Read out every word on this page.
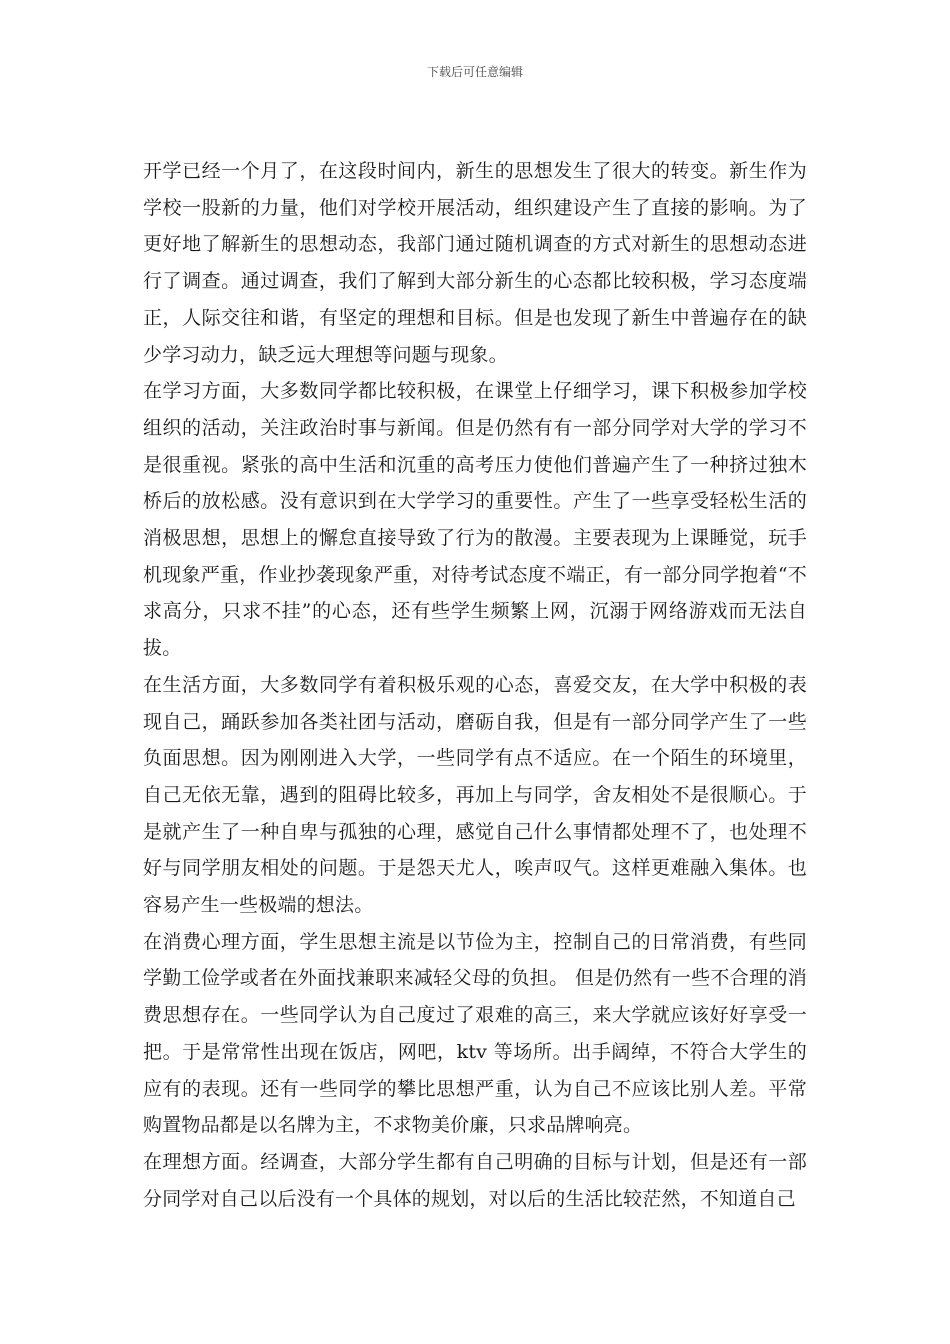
下载后可任意编辑

开学已经一个月了，在这段时间内，新生的思想发生了很大的转变。新生作为学校一股新的力量，他们对学校开展活动，组织建设产生了直接的影响。为了更好地了解新生的思想动态，我部门通过随机调查的方式对新生的思想动态进行了调查。通过调查，我们了解到大部分新生的心态都比较积极，学习态度端正，人际交往和谐，有坚定的理想和目标。但是也发现了新生中普遍存在的缺少学习动力，缺乏远大理想等问题与现象。

在学习方面，大多数同学都比较积极，在课堂上仔细学习，课下积极参加学校组织的活动，关注政治时事与新闻。但是仍然有有一部分同学对大学的学习不是很重视。紧张的高中生活和沉重的高考压力使他们普遍产生了一种挤过独木桥后的放松感。没有意识到在大学学习的重要性。产生了一些享受轻松生活的消极思想，思想上的懈怠直接导致了行为的散漫。主要表现为上课睡觉，玩手机现象严重，作业抄袭现象严重，对待考试态度不端正，有一部分同学抱着“不求高分，只求不挂”的心态，还有些学生频繁上网，沉溺于网络游戏而无法自拔。

在生活方面，大多数同学有着积极乐观的心态，喜爱交友，在大学中积极的表现自己，踊跃参加各类社团与活动，磨砺自我，但是有一部分同学产生了一些负面思想。因为刚刚进入大学，一些同学有点不适应。在一个陌生的环境里，自己无依无靠，遇到的阻碍比较多，再加上与同学，舍友相处不是很顺心。于是就产生了一种自卑与孤独的心理，感觉自己什么事情都处理不了，也处理不好与同学朋友相处的问题。于是怨天尤人，唉声叹气。这样更难融入集体。也容易产生一些极端的想法。

在消费心理方面，学生思想主流是以节俭为主，控制自己的日常消费，有些同学勤工俭学或者在外面找兼职来减轻父母的负担。 但是仍然有一些不合理的消费思想存在。一些同学认为自己度过了艰难的高三，来大学就应该好好享受一把。于是常常性出现在饭店，网吧，ktv 等场所。出手阔绰，不符合大学生的应有的表现。还有一些同学的攀比思想严重，认为自己不应该比别人差。平常购置物品都是以名牌为主，不求物美价廉，只求品牌响亮。

在理想方面。经调查，大部分学生都有自己明确的目标与计划，但是还有一部分同学对自己以后没有一个具体的规划，对以后的生活比较茫然，不知道自己
